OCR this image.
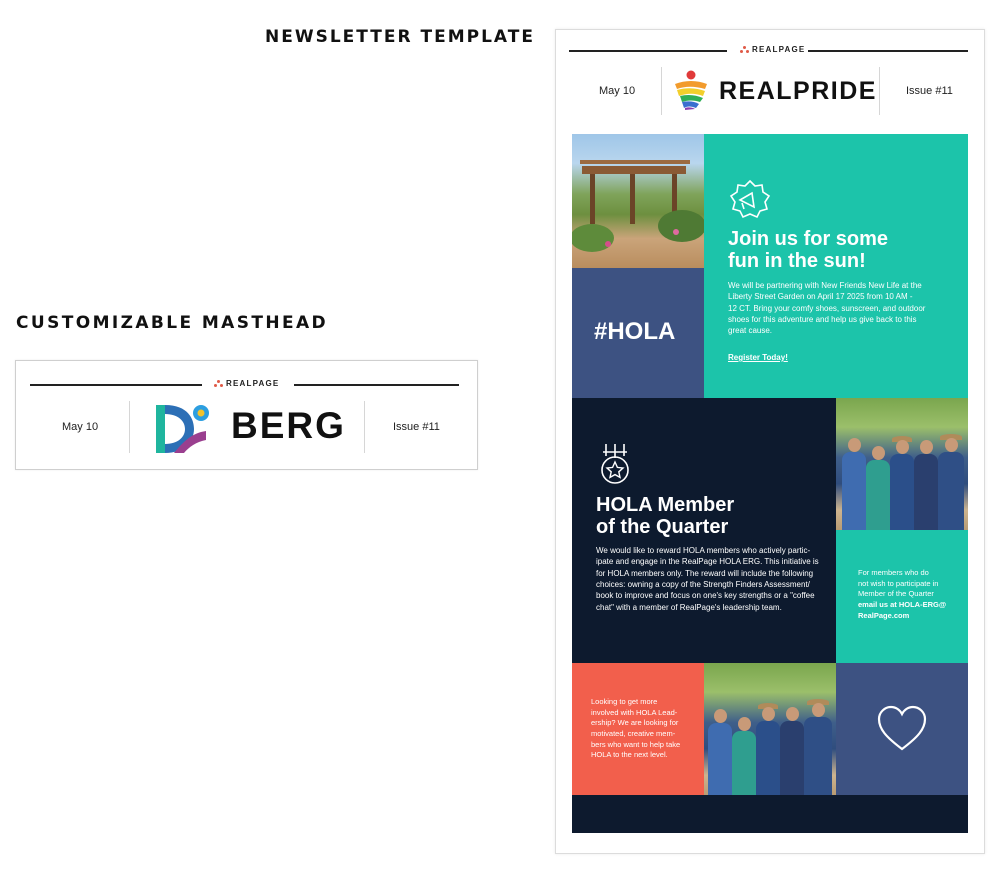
NEWSLETTER TEMPLATE
CUSTOMIZABLE MASTHEAD
REALPAGE
May 10	BERG	Issue #11
REALPAGE
May 10	REALPRIDE	Issue #11
Join us for some
fun in the sun!
We will be partnering with New Friends New Life at the
Liberty Street Garden on April 17 2025 from 10 AM -
12 CT. Bring your comfy shoes, sunscreen, and outdoor
shoes for this adventure and help us give back to this
great cause.
Register Today!
#HOLA
HOLA Member
of the Quarter
We would like to reward HOLA members who actively partic-
ipate and engage in the RealPage HOLA ERG. This initiative is
for HOLA members only. The reward will include the following
choices: owning a copy of the Strength Finders Assessment/
book to improve and focus on one's key strengths or a "coffee
chat" with a member of RealPage's leadership team.
For members who do
not wish to participate in
Member of the Quarter
email us at HOLA-ERG@
RealPage.com
Looking to get more
involved with HOLA Lead-
ership? We are looking for
motivated, creative mem-
bers who want to help take
HOLA to the next level.
